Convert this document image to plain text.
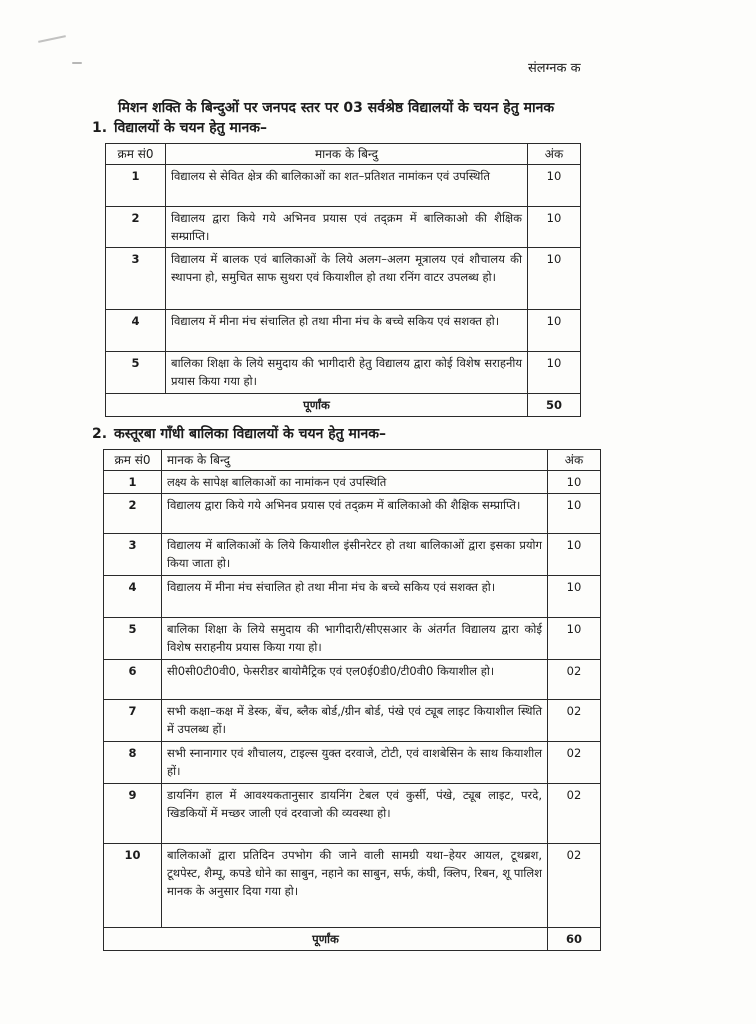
संलग्नक क
मिशन शक्ति के बिन्दुओं पर जनपद स्तर पर 03 सर्वश्रेष्ठ विद्यालयों के चयन हेतु मानक
1. विद्यालयों के चयन हेतु मानक–
क्रम सं0	मानक के बिन्दु	अंक
1	विद्यालय से सेवित क्षेत्र की बालिकाओं का शत–प्रतिशत नामांकन एवं उपस्थिति	10
2	विद्यालय द्वारा किये गये अभिनव प्रयास एवं तद्क्रम में बालिकाओ की शैक्षिक सम्प्राप्ति।	10
3	विद्यालय में बालक एवं बालिकाओं के लिये अलग–अलग मूत्रालय एवं शौचालय की स्थापना हो, समुचित साफ सुथरा एवं कियाशील हो तथा रनिंग वाटर उपलब्ध हो।	10
4	विद्यालय में मीना मंच संचालित हो तथा मीना मंच के बच्चे सकिय एवं सशक्त हो।	10
5	बालिका शिक्षा के लिये समुदाय की भागीदारी हेतु विद्यालय द्वारा कोई विशेष सराहनीय प्रयास किया गया हो।	10
पूर्णांक		50
2. कस्तूरबा गाँधी बालिका विद्यालयों के चयन हेतु मानक–
क्रम सं0	मानक के बिन्दु	अंक
1	लक्ष्य के सापेक्ष बालिकाओं का नामांकन एवं उपस्थिति	10
2	विद्यालय द्वारा किये गये अभिनव प्रयास एवं तद्क्रम में बालिकाओ की शैक्षिक सम्प्राप्ति।	10
3	विद्यालय में बालिकाओं के लिये कियाशील इंसीनरेटर हो तथा बालिकाओं द्वारा इसका प्रयोग किया जाता हो।	10
4	विद्यालय में मीना मंच संचालित हो तथा मीना मंच के बच्चे सकिय एवं सशक्त हो।	10
5	बालिका शिक्षा के लिये समुदाय की भागीदारी/सीएसआर के अंतर्गत विद्यालय द्वारा कोई विशेष सराहनीय प्रयास किया गया हो।	10
6	सी0सी0टी0वी0, फेसरीडर बायोमैट्रिक एवं एल0ई0डी0/टी0वी0 कियाशील हो।	02
7	सभी कक्षा–कक्ष में डेस्क, बेंच, ब्लैक बोर्ड,/ग्रीन बोर्ड, पंखे एवं ट्यूब लाइट कियाशील स्थिति में उपलब्ध हों।	02
8	सभी स्नानागार एवं शौचालय, टाइल्स युक्त दरवाजे, टोटी, एवं वाशबेसिन के साथ कियाशील हों।	02
9	डायनिंग हाल में आवश्यकतानुसार डायनिंग टेबल एवं कुर्सी, पंखे, ट्यूब लाइट, परदे, खिडकियों में मच्छर जाली एवं दरवाजो की व्यवस्था हो।	02
10	बालिकाओं द्वारा प्रतिदिन उपभोग की जाने वाली सामग्री यथा–हेयर आयल, टूथब्रश, टूथपेस्ट, शैम्पू, कपडे धोने का साबुन, नहाने का साबुन, सर्फ, कंघी, क्लिप, रिबन, शू पालिश मानक के अनुसार दिया गया हो।	02
पूर्णांक		60
